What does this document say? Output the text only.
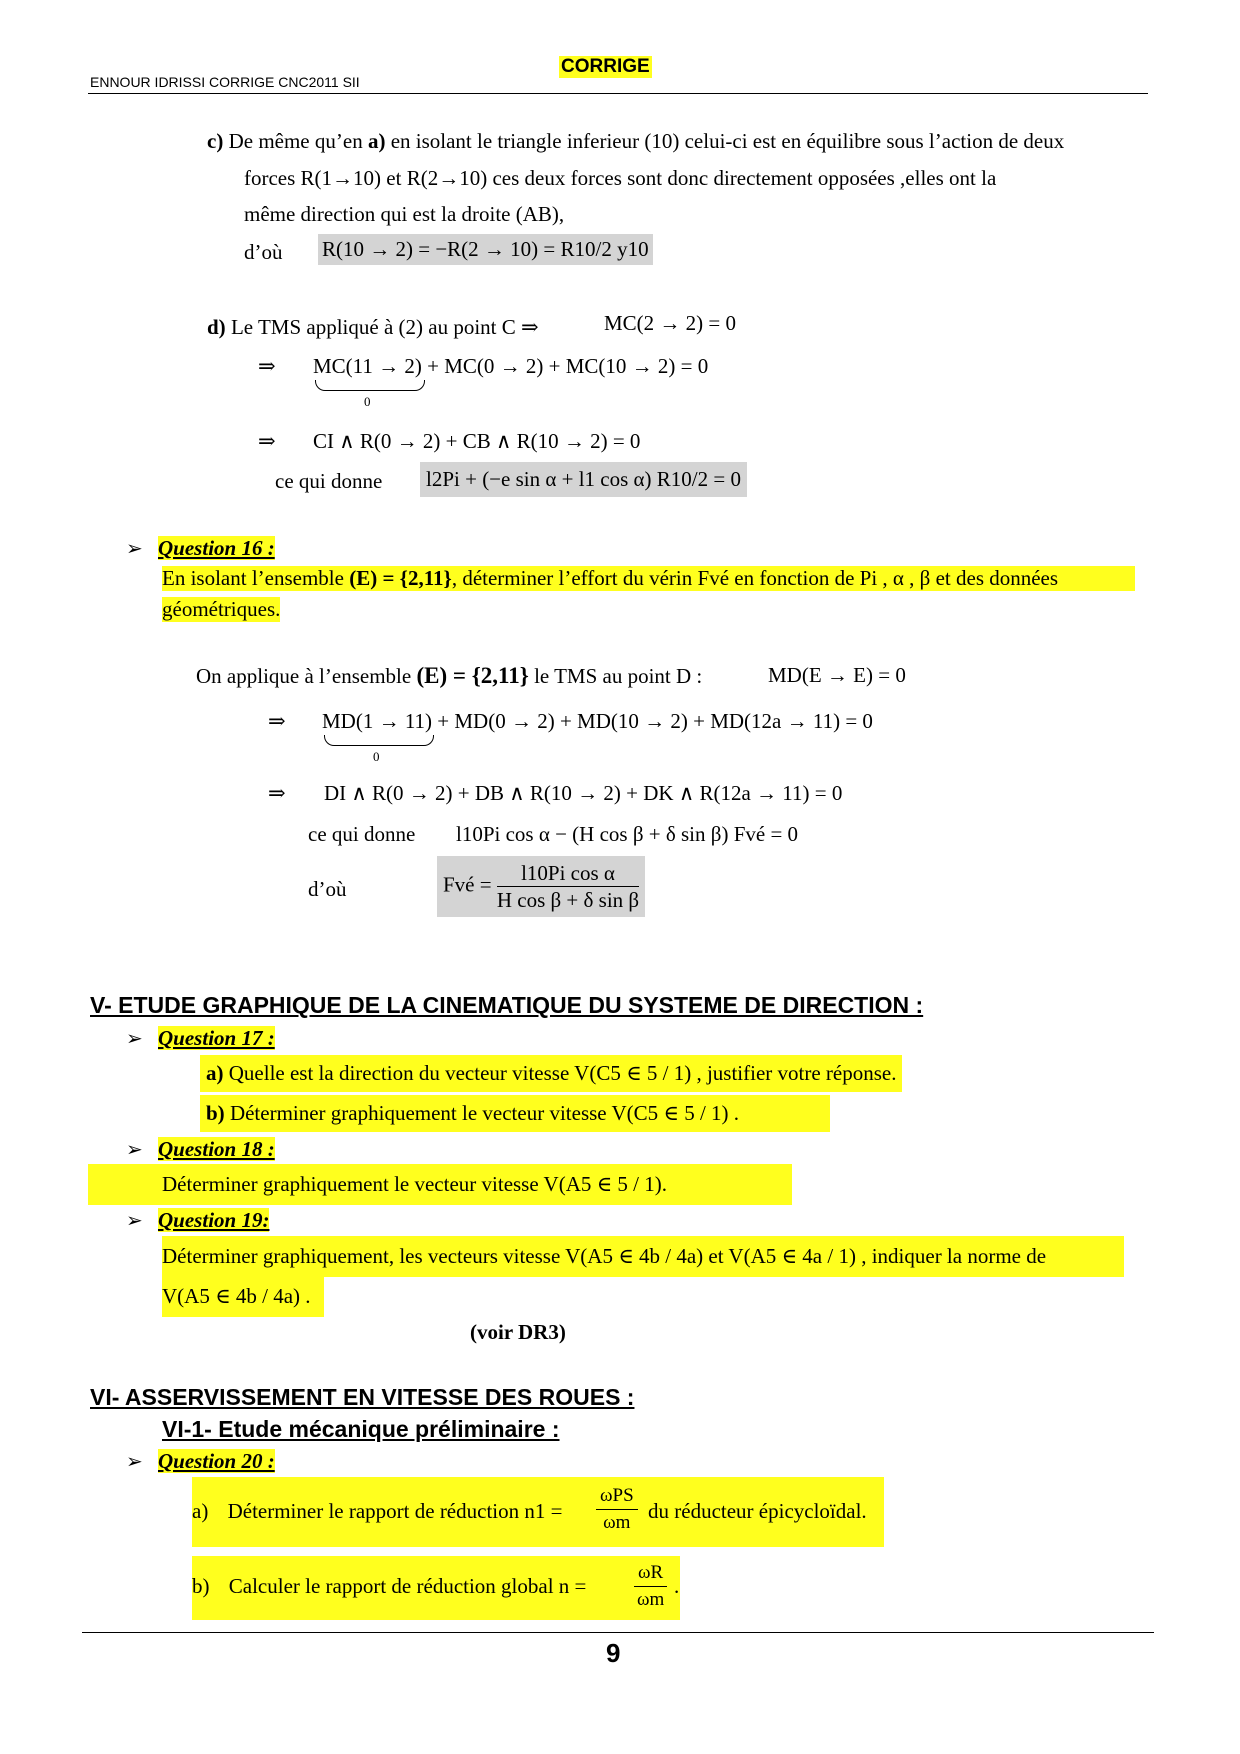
CORRIGE
ENNOUR IDRISSI CORRIGE CNC2011 SII
c) De même qu’en a) en isolant le triangle inferieur (10) celui-ci est en équilibre sous l’action de deux
forces R(1→10) et R(2→10) ces deux forces sont donc directement opposées ,elles ont la
même direction qui est la droite (AB),
d’où R(10 → 2) = −R(2 → 10) = R10/2 y10
d) Le TMS appliqué à (2) au point C ⇒	MC(2 → 2) = 0
⇒ MC(11 → 2) + MC(0 → 2) + MC(10 → 2) = 0
0
⇒ CI ∧ R(0 → 2) + CB ∧ R(10 → 2) = 0
ce qui donne l2Pi + (−e sin α + l1 cos α) R10/2 = 0
➢ Question 16 :
En isolant l’ensemble (E) = {2,11}, déterminer l’effort du vérin Fvé en fonction de Pi , α , β et des données
géométriques.
On applique à l’ensemble (E) = {2,11} le TMS au point D :	MD(E → E) = 0
⇒ MD(1 → 11) + MD(0 → 2) + MD(10 → 2) + MD(12a → 11) = 0
0
⇒ DI ∧ R(0 → 2) + DB ∧ R(10 → 2) + DK ∧ R(12a → 11) = 0
ce qui donne l10Pi cos α − (H cos β + δ sin β) Fvé = 0
d’où	Fvé = $\frac{\text{l10Pi cos α}}{\text{H cos β + δ sin β}}$
V- ETUDE GRAPHIQUE DE LA CINEMATIQUE DU SYSTEME DE DIRECTION :
➢ Question 17 :
a) Quelle est la direction du vecteur vitesse V(C5 ∈ 5 / 1) , justifier votre réponse.
b) Déterminer graphiquement le vecteur vitesse V(C5 ∈ 5 / 1) .
➢ Question 18 :
Déterminer graphiquement le vecteur vitesse V(A5 ∈ 5 / 1).
➢ Question 19:
Déterminer graphiquement, les vecteurs vitesse V(A5 ∈ 4b / 4a) et V(A5 ∈ 4a / 1) , indiquer la norme de
V(A5 ∈ 4b / 4a) .
(voir DR3)
VI- ASSERVISSEMENT EN VITESSE DES ROUES :
VI-1- Etude mécanique préliminaire :
➢ Question 20 :
a) Déterminer le rapport de réduction n1 =
ωPS
ωm du réducteur épicycloïdal.
b) Calculer le rapport de réduction global n =	$\frac{\omega R}{\omega m}$ .
9
